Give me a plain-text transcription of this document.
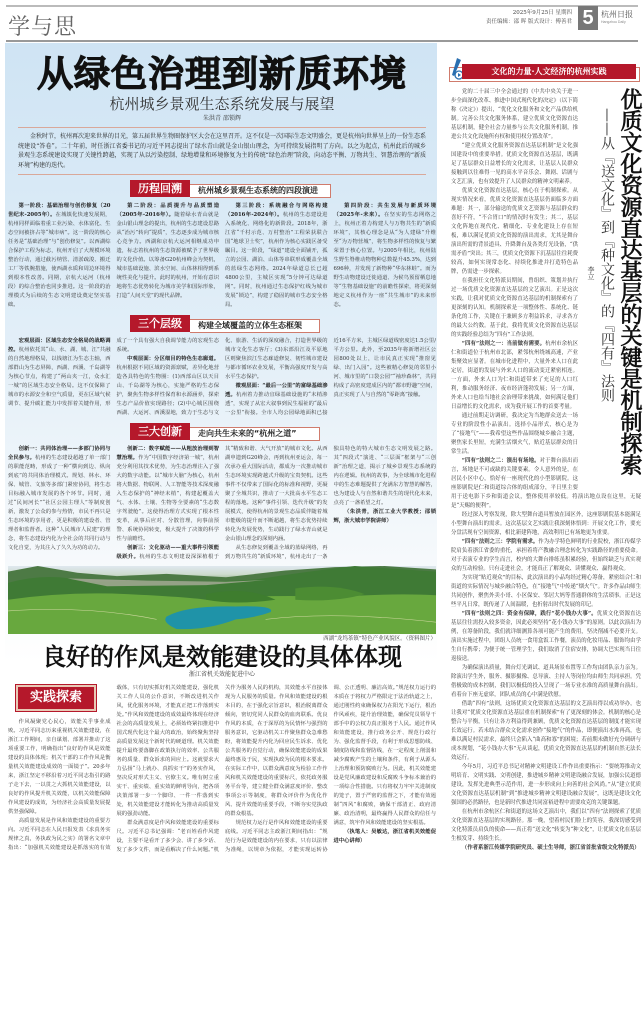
学与思
2025年9月25日 星期四
责任编辑：邵 晖 版式设计：傅善君 5 杭州日报
Hangzhou Daily
从绿色治理到新质环境
杭州城乡景观生态系统发展与展望
朱洪青 邵锁辉
金秋时节，杭州再次迎来世界的目光，第五届世界生物圈保护区大会在这里召开。这不仅是一次国际生态文明盛会，更是杭州向世界呈上的一份生态系统建设“答卷”。二十年前，时任浙江省委书记的习近平同志提出了绿水青山就是金山银山理念，为可持续发展指明了方向。以之为起点，杭州此后的城乡景观生态系统建设实现了关键性跨越，实现了从以污染控制、绿地增量和环境修复为主的传统“绿色治理”阶段，向动态平衡、万物共生、智慧治理的“新质环境”构建的迭代。
历程回溯	杭州城乡景观生态系统的四段演进

第一阶段：基础治理与创伤修复（20世纪末-2005年）。在城镇化快速发展期，杭州同样面临着重工业污染、水体富化、生态空间被挤占等“城市病”。这一阶段的核心任务是“基础治理”与“创伤修复”。以西湖综合保护工程为标志，杭州开启了大规模环境整治行动，通过截污纳管、清淤疏浚、搬迁工厂等铁腕措施，使西湖水质和周边环境得到根本性改善。同期，京杭大运河（杭州段）的综合整治也同步推进。这一阶段的治理模式为后续的生态文明建设奠定坚实基础。

第二阶段：品质提升与品质塑造（2005年-2016年）。随着绿水青山就是金山银山理念的提出，杭州的生态建设思路从“治污”转向“提质”，生态逐步成为城市核心竞争力。西湖和京杭大运河相继成功申遗，标志着杭州的生态资源被赋予了世界级的文化价值。以筹备G20杭州峰会为契机，城市基础设施、滨水空间、山体林相得到系统性美化与提升。此时的杭州，开始有意识地将生态优势转化为城市美学和国际形象，打造“人间天堂”的现代品牌。

第三阶段：系统融合与网络构建（2016年-2024年）。杭州的生态建设进入系统化、网络化的新阶段。2018年，浙江省“千村示范、万村整治”工程荣获联合国“地球卫士奖”，杭州作为核心实践区备受瞩目。这一阶段，“绿道”建设全面铺开，孤立的公园、湖泊、山体等串联形成覆盖全域的蓝绿生态网络。2024年绿道总长已超4800公里，主城区实现“5分钟可达绿道网”。同时，杭州通过生态保护红线为城市发展“锁边”，构建了稳固的城市生态安全格局。

第四阶段：共生发展与新质环境（2025年-未来）。在坚实的生态网络之上，杭州正着力构建人与万物共生的“新质环境”，其核心理念是从“为人建绿”升维至“为万物营城”，将生物多样性的恢复与繁荣置于核心位置。与2005年相比，杭州陆生野生脊椎动物物种总数提升45.3%，达到696种，并发现了新物种“华东林蛙”。而为野生动物建设迁徙通道、为候鸟预留栖息地等“生物基础设施”的前瞻性探索，将更深刻地定义杭州作为一座“共生城市”的未来形态。

三个层级	构建全域覆盖的立体生态框架

宏观层面：区域生态安全格局的战略调控。杭州依托其“山、水、湖、城、江”共融的自然地理格局，以钱塘江为生态主轴，西部群山为生态屏障，西湖、西溪、千岛湖等为核心节点，构建了“两山夹一江，众水汇一城”的区域生态安全格局。这不仅保障了城市的水源安全和空气质量，更在区域气候调节、提升碳汇能力中发挥着关键作用，形成了一个具有强大自我调节能力的宏观生态系统。

中观层面：分区细目的特色生态廊道。杭州根据不同区域的资源禀赋，差异化地营造各具特色的生物圈：(1)西部山区以天目山、千岛湖等为核心，实施严格的生态保护，聚焦生物多样性保育和水源涵养，探索生态产品价值实现路径；(2)中心城区围绕西湖、大运河、西溪湿地，致力于生态与文化、旅游、生活的深度融合，打造世界级的城市文化生态客厅；(3)东部沿江及平原地区则聚焦滨江生态廊道修复、韧性城市建设与都市循环农业发展，平衡高强度开发与高水平生态保护。

微观层面：“最后一公里”的富绿基础渗透。杭州着力推动宜绿基础设施的“末梢渗透”，实现了从宏大叙事到民生福祉的“最后一公里”衔接。全市人均公园绿地面积已接近16平方米，主城区绿道线密度达1.5公里/平方公里。此外，至2035年将新增社区公园800处以上，让市民真正实现“推窗见绿、出门入园”。这些被精心修复的邻里小河、城市里的“口袋公园”“袖珍森林”，共同构成了高密度建成区内的“都市野趣”空间，真正实现了人与自然的“零距离”接触。

三大创新	走向共生未来的“杭州之道”

创新一：共同体治理——多部门协同与全民参与。杭州的生态建设超越了单一部门的职能范畴，形成了一种“横向到边、纵向到底”的共同体治理模式。规划、林水、环保、城管、文旅等多部门紧密协同，将生态目标融入城市发展的各个环节。同时，通过“民间河长”“社区公园主理人”等制度创新，激发了公众的参与热情，市民不再只是生态环境的享用者，更是积极的建设者、管理者和监督者。这种“人民城市人民建”的理念，将生态建设内化为全社会的共同行动与文化自觉，为其注入了久久为功的动力。

创新二：数字赋能——从粗放治理到智慧治理。作为“中国数字经济第一城”，杭州充分利用其技术优势，为生态治理注入了强大的数字动能。以“城市大脑”为核心，杭州将大数据、物联网、人工智能等技术深度融入生态保护的“神经末梢”，构建起覆盖大气、水体、土壤、生物等全要素的“生态数字驾驶舱”。这使得治理方式实现了根本性变革，从事后应对、分散管理，向事前预警、系统协同转变，极大提升了决策的科学性与前瞻性。

创新三：文化驱动——重大事件引领能级跃升。杭州的生态文明建设深深植根于其“精致和谐、大气开放”的城市文化。从西湖申遗到G20峰会，再到杭州亚运会，每一次承办重大国际活动，都成为一次推动城市生态环境实现跨越式升级的宝贵契机。这些事件不仅带来了国际化的标准和视野，更凝聚了全城共识，推动了一大批高水平生态工程的落地。这种“事件引领、迭代升级”的发展模式，使得杭州的景观生态品质伴随着城市能级的提升而不断超越，将生态优势持续转化为发展优势，生动践行了绿水青山就是金山银山理念的深刻内涵。

从生态修复到覆盖全域的蓝绿网络，再到万物共生的“新质环境”，杭州走出了一条独具特色的特大城市生态文明发展之路。其“四段式”演进、“三层面”框架与“三创新”治理之道，揭示了城乡景观生态系统的内在逻辑。杭州的故事，为全球城市化进程中的生态难题提供了充满东方智慧的解答，也为建设人与自然和谐共生的现代化未来，点亮了一盏希望之灯。

（朱洪青，浙江工业大学教授；邵锁辉，浙大城市学院讲师）

西湖“龙坞茶镇”特色产业风貌区。（资料图片）
良好的作风是效能建设的具体体现
浙江省机关效能促进中心
实践探索

作风凝聚党心民心，效能关乎事业成败。习近平同志历来重视机关效能建设，在浙江工作期间，亲自谋划、部署并推动了这项重要工作，明确指出“良好的作风是效能建设的具体体现；机关干部的工作作风是衡量机关效能建设成效的一面镜子”。20多年来，浙江坚定不移沿着习近平同志指引的路子走下去，一以贯之大抓机关效能建设，以良好的作风提升机关效能，以机关效能保障作风建设的成效，为经济社会高质量发展提供坚强保障。

高质量发展是作风和效能建设的重要方向。习近平同志在人民日报发表《求真务实规律之真，务执政为民之实》的署名文章中指出：“加强机关效能建设是抓落实的有效载体，只有切实抓好机关效能建设，强化机关工作人员的公仆意识，不断改进机关作风，优化服务环境，才能真正把工作落到实处。”作风和效能建设的成效最终体现在经济社会的高质量发展上，必须始终紧扣推进中国式现代化这个最大的政治，始终聚焦坚持高质量发展这个新时代的硬道理。机关效能提升最终要落脚在政策执行的效率、公共服务的质量、群众诉求的回应上。这就要求大力弘扬“马上就办、真抓实干”的务实作风，坚决反对形式主义、官僚主义。唯有树立重实干、重实绩、重实效的鲜明导向，把各项决策部署一步一个脚印、一件一件落到实处，机关效能建设才能转化为推动高质量发展的强劲动能。

群众满意度是作风和效能建设的重要标尺。习近平总书记强调：“老百姓看作风建设，主要不是看开了多少会、讲了多少话、发了多少文件，而是看解决了什么问题。”机关作为服务人民的机构，其效能水平直接体现为人民服务的质量。作风和效能建设的根本目的，在于强化宗旨意识，根治脱离群众倾向，密切党同人民群众的血肉联系。优良作风的本质，在于深厚的为民情怀与强烈的服务意识，它驱动机关工作聚焦群众急难愁盼，将效能提升内化为回应民生诉求、优化公共服务的自觉行动，确保效能建设的成果最终惠及于民，实现执政为民的根本要求。在实际工作中，以群众满意度为检验工作作风和机关效能建设的重要标尺，依托政务服务平台等，建立健全群众满意度评价、整改事项公示等制度，将群众评价作为优化作风、提升效能的重要手段，不断夯实党执政的群众根基。

规范权力运行是作风和效能建设的重要底线。习近平同志主政浙江期间指出：“规范行为是效能建设的内在要求，只有以法律为准绳，以规章为依据，才能实现运转协调、公正透明、廉洁高效。”规范权力运行的本质在于将权力严格限定于法治轨道之上，通过刚性约束确保权力在阳光下运行，根治作风顽疾，提升治理效能，确保党员领导干部手中的公权力真正服务于人民。通过作风和效能建设，推行政务公开、规范行政行为、强化监督手段，有利于形成思想防线、制度防线和监督防线，在一定程度上削弱和减少腐败产生的土壤和条件，有利于从源头上治理和预防腐败行为。因此，机关效能建设是党风廉政建设和反腐败斗争标本兼治的一项综合性措施。只有将权力牢牢关进制度的笼子，置于严密的监督之下，才能有效遏制“四风”和腐败，确保干部清正、政府清廉、政治清明，最终赢得人民群众的信任与满意，筑牢作风和效能建设的坚实根基。

（执笔人：吴敏达，浙江省机关效能促进中心讲师）

文化的力量·人文经济的杭州实践
优质文化资源直达基层的关键是机制探索
——从『送文化』到『种文化』的『四有』法则
李立

党的二十届三中全会通过的《中共中央关于进一步全面深化改革、推进中国式现代化的决定》（以下简称《决定》）提出，“优化文化服务和文化产品供给机制。完善公共文化服务体系，建立优质文化资源直达基层机制，健全社会力量参与公共文化服务机制，推进公共文化设施所有权和使用权分置改革”。

“建立优质文化服务资源直达基层机制”是文化强国建设中的重要举措。优质文化资源直达基层，既满足了基层群众日益增长的文化需求，让基层人民群众接触到以往难得一见的高水平音乐会、舞剧、话剧与文艺汇演，也有效提升了人民群众的精神文明素养。

优质文化资源直达基层，核心在于机制探索。从现实情况来看，优质文化资源直达基层仍面临多方面难题：其一，部分输送的优质文艺资源与基层群众的喜好不符，“不合胃口”的情况时有发生；其二，基层文化阵地在现代化、精细化、专业化建设上存在短板，难以满足优质文化资源的演出需求，尤其是舞台演出所需的背景道具、升降舞台及各类灯光设备，“供需矛盾”突出；其三，优质文化资源下沉基层往往耗费较高，如何实现常态化、持续化推进并打造特色品牌，仍需进一步探索。

在我担任文化特派员期间，曾组织、策划并执行过一场优质文化资源直达基层的文艺演出。正是这次实践，让我对优质文化资源直达基层的机制探索有了更深刻的认知。机制探索是一项整体性、系统化、链条化的工作，关键在于兼顾多方利益诉求，寻求各方的最大公约数。基于此，我将优质文化资源直达基层的实践经验总结为“四有”工作法则。

“四有”法则之一：当前做有需要。杭州市余杭区仁和街道位于杭州市北部，紧邻杭州绕城高速，产业集聚效应显著。在城市化进程中，大量外来人口在此定居，街道的发展与外来人口的流动变迁紧密相连。一方面，外来人口为仁和街道带来了充足的人口红利，推动服务经济、夜市经济蓬勃发展；另一方面，外来人口也给当地社会治理带来挑战，如何满足他们日益增长的文化需求，成为我开展工作的首要考量。

通过前期走访调研，我决定为当地群众送去一场专业的阶段性小品演出。选择小品形式，核心是为了“接地气”——我希望这些作品围绕城乡融合主题，聚焦家长里短，充满生活烟火气，贴近基层群众的日常生活。

“四有”法则之二：演出有场地。对于舞台演出而言，场地是不可或缺的关键要素。令人意外的是，在居民小区中心，恰好有一座现代化的小型影剧院。这座影剧院是仁和街道综合体的组成部分，平日里主要用于送电影下乡和街道会议，整体使用率较低。将演出地点设在这里，无疑是“天赐的便利”。

经过深入考察发现，除大型舞台道具暂放在园区外，这座影剧院基本能满足小型舞台演出的需求。这次基层文艺实践让我深刻体悟到：开展文化工作，要充分盘活现有空间资源，相比新建阵地，高效利用已有场地更为重要。

“四有”法则之三：学院有需求。作为办学特色鲜明的行业院校，浙江传媒学院肩负着浙江省委的重托，承担着将产教融合理念转化为实践路径的重要使命。对于表演专业的学生而言，校内的大舞台排练虽积累经验，但始终缺乏与真实观众的互动检验。只有走进社会，才能真正了解观众、读懂观众、赢得观众。

为实现“贴近观众”的目标，此次演出的小品均经过精心筹备，紧密结合仁和街道的实际情况与城乡融合特色，在“接地气”中传递“烟火气”。许多作品由师生共同创作，聚焦外卖小哥、小区保安、邻居大妈等普通群体的生活琐事。正是这些平凡日常，既传递了人间温暖，也折射出时代发展的印记。

“四有”法则之四：资金有保障，践行“花小钱办大事”。优质文化资源直达基层往往需投入较多资金，因此必须坚持“花小钱办大事”的原则。以此次演出为例，在筹备阶段，我们就详细测算各项可能产生的费用，坚决削减不必要开支。演出实施过程中，团组人员统一食用盒饭工作餐，演员的化妆用品、服饰均由学生自行携带；为便于统一管理学生，我们取消了住宿安排，协调大巴实现当日往返接送。

为确保演出质量，舞台灯光调试、道具场景布置等工作均由团队亲力亲为。除演出学生外，服务、摄影摄像、总导演、主持人等岗位均由师生共同承担。凭借极致的成本控制，我们以极低的投入呈现了一场专业水准的高质量舞台演出。看着台下座无虚席，团队成员的心中满是欣慰。

借助“四有”法则，这场优质文化资源直达基层的文艺演出得以成功举办，也让我对“优质文化资源直达基层重在机制探索”有了更深刻的体会。机制的核心是整合与平衡，只有让各方利益得到兼顾，优质文化资源直达基层的制度才能实现长效运行。若未结合群众文化需求创作“接地气”的作品，即便演出水准再高，也难以满足村民需求，最终只会陷入“曲高和寡”的困境；若前期未做好充分调研与成本规划，“花小钱办大事”无从谈起，优质文化资源直达基层的机制自然无法长效运行。

今年5月，习近平总书记对精神文明建设工作作出重要指示：“要统筹推动文明培育、文明实践、文明创建，推进城乡精神文明建设融合发展，加强公民道德建设，发挥先进典型示范作用，进一步形成向上向善的社会风尚。”从“建立优质文化资源直达基层机制”到“推进城乡精神文明建设融合发展”，这既是建设文化强国的必然路径，也是新时代推进共同富裕进程中需要攻克的关键课题。

在杭州市余杭区仁和街道的这场文艺演出中，我们以“四有”法则探索了优质文化资源直达基层的实现路径。那一晚，望着村民们脸上的笑容，我深切感受到文化特派员肩负的使命——真正将“送文化”转变为“种文化”，让优质文化在基层生根发芽、持续生长。

（作者系浙江传媒学院研究员、硕士生导师，浙江省首批省级文化特派员）
